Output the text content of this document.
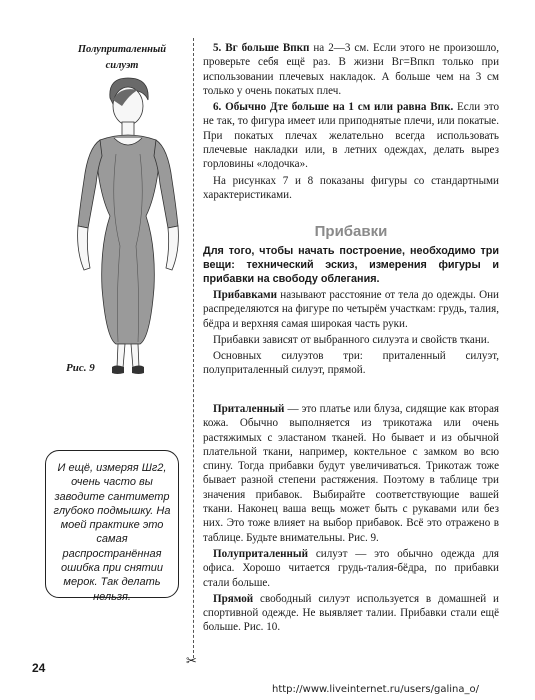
Полуприталенный силуэт
Рис. 9
И ещё, измеряя Шг2, очень часто вы заводите сантиметр глубоко подмышку. На моей практике это самая распространённая ошибка при снятии мерок. Так делать нельзя.
✂

5. Вг больше Впкп на 2—3 см. Если этого не произошло, проверьте себя ещё раз. В жизни Вг=Впкп только при использовании плечевых накладок. А больше чем на 3 см только у очень покатых плеч.

6. Обычно Дте больше на 1 см или равна Впк. Если это не так, то фигура имеет или приподнятые плечи, или покатые. При покатых плечах желательно всегда использовать плечевые накладки или, в летних одеждах, делать вырез горловины «лодочка».

На рисунках 7 и 8 показаны фигуры со стандартными характеристиками.

Прибавки

Для того, чтобы начать построение, необходимо три вещи: технический эскиз, измерения фигуры и прибавки на свободу облегания.

Прибавками называют расстояние от тела до одежды. Они распределяются на фигуре по четырём участкам: грудь, талия, бёдра и верхняя самая широкая часть руки.

Прибавки зависят от выбранного силуэта и свойств ткани.

Основных силуэтов три: приталенный силуэт, полуприталенный силуэт, прямой.

Приталенный — это платье или блуза, сидящие как вторая кожа. Обычно выполняется из трикотажа или очень растяжимых с эластаном тканей. Но бывает и из обычной плательной ткани, например, коктельное с замком во всю спину. Тогда прибавки будут увеличиваться. Трикотаж тоже бывает разной степени растяжения. Поэтому в таблице три значения прибавок. Выбирайте соответствующие вашей ткани. Наконец ваша вещь может быть с рукавами или без них. Это тоже влияет на выбор прибавок. Всё это отражено в таблице. Будьте внимательны. Рис. 9.

Полуприталенный силуэт — это обычно одежда для офиса. Хорошо читается грудь-талия-бёдра, по прибавки стали больше.

Прямой свободный силуэт используется в домашней и спортивной одежде. Не выявляет талии. Прибавки стали ещё больше. Рис. 10.

24
http://www.liveinternet.ru/users/galina_o/
